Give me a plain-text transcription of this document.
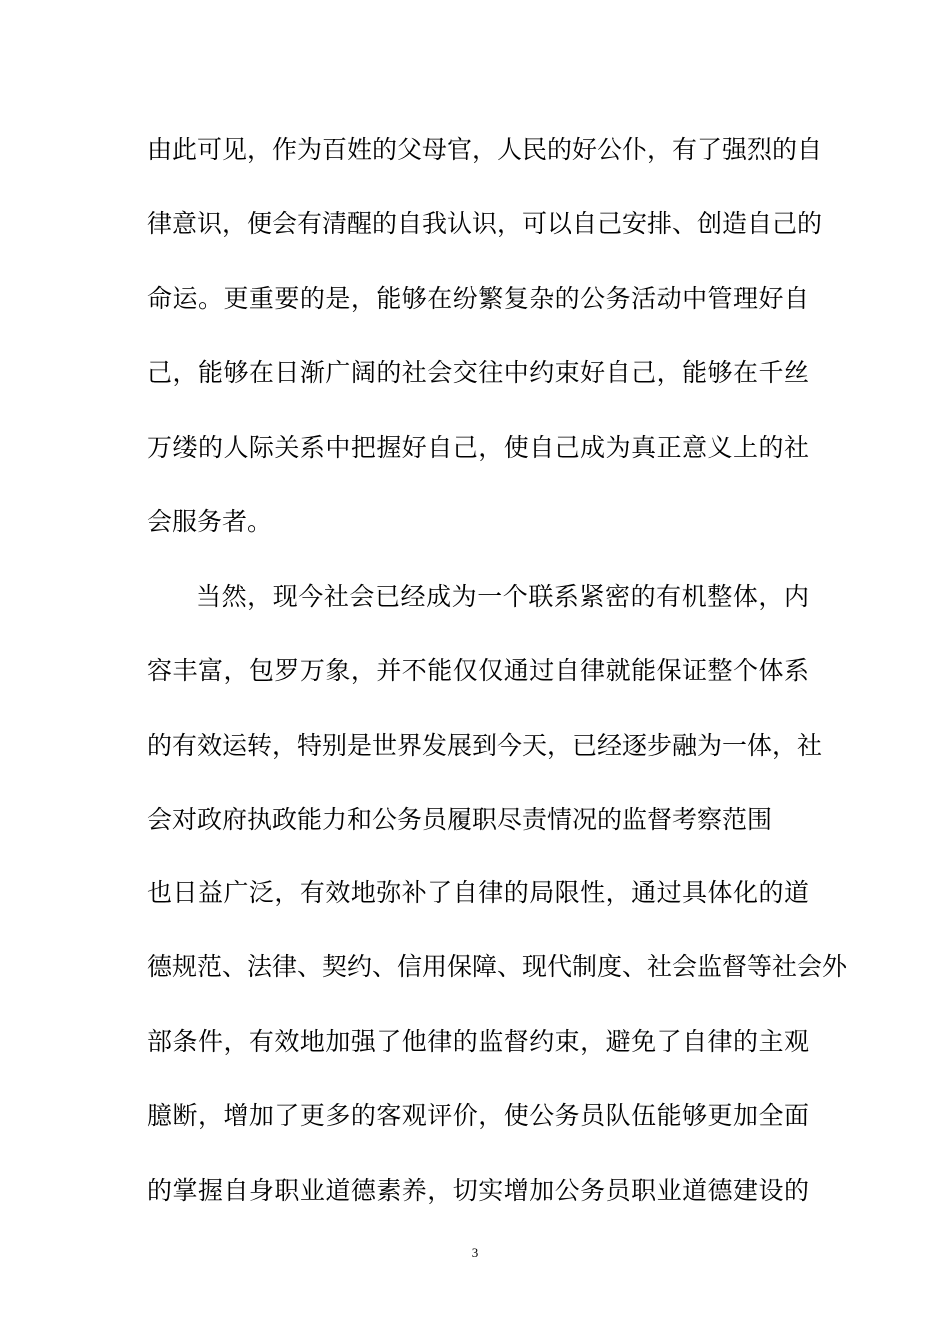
由此可见，作为百姓的父母官，人民的好公仆，有了强烈的自
律意识，便会有清醒的自我认识，可以自己安排、创造自己的
命运。更重要的是，能够在纷繁复杂的公务活动中管理好自
己，能够在日渐广阔的社会交往中约束好自己，能够在千丝
万缕的人际关系中把握好自己，使自己成为真正意义上的社
会服务者。
当然，现今社会已经成为一个联系紧密的有机整体，内
容丰富，包罗万象，并不能仅仅通过自律就能保证整个体系
的有效运转，特别是世界发展到今天，已经逐步融为一体，社
会对政府执政能力和公务员履职尽责情况的监督考察范围
也日益广泛，有效地弥补了自律的局限性，通过具体化的道
德规范、法律、契约、信用保障、现代制度、社会监督等社会外
部条件，有效地加强了他律的监督约束，避免了自律的主观
臆断，增加了更多的客观评价，使公务员队伍能够更加全面
的掌握自身职业道德素养，切实增加公务员职业道德建设的
3
